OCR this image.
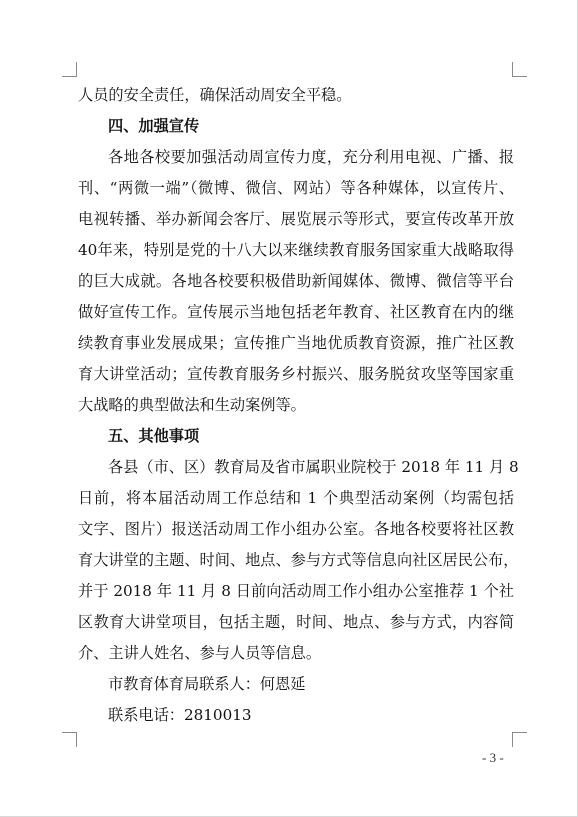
人员的安全责任，确保活动周安全平稳。
四、加强宣传
各地各校要加强活动周宣传力度，充分利用电视、广播、报
刊、“两微一端”（微博、微信、网站）等各种媒体，以宣传片、
电视转播、举办新闻会客厅、展览展示等形式，要宣传改革开放
40年来，特别是党的十八大以来继续教育服务国家重大战略取得
的巨大成就。各地各校要积极借助新闻媒体、微博、微信等平台
做好宣传工作。宣传展示当地包括老年教育、社区教育在内的继
续教育事业发展成果；宣传推广当地优质教育资源，推广社区教
育大讲堂活动；宣传教育服务乡村振兴、服务脱贫攻坚等国家重
大战略的典型做法和生动案例等。
五、其他事项
各县（市、区）教育局及省市属职业院校于 2018 年 11 月 8
日前，将本届活动周工作总结和 1 个典型活动案例（均需包括
文字、图片）报送活动周工作小组办公室。各地各校要将社区教
育大讲堂的主题、时间、地点、参与方式等信息向社区居民公布，
并于 2018 年 11 月 8 日前向活动周工作小组办公室推荐 1 个社
区教育大讲堂项目，包括主题，时间、地点、参与方式，内容简
介、主讲人姓名、参与人员等信息。
市教育体育局联系人：何恩延
联系电话：2810013
- 3 -
